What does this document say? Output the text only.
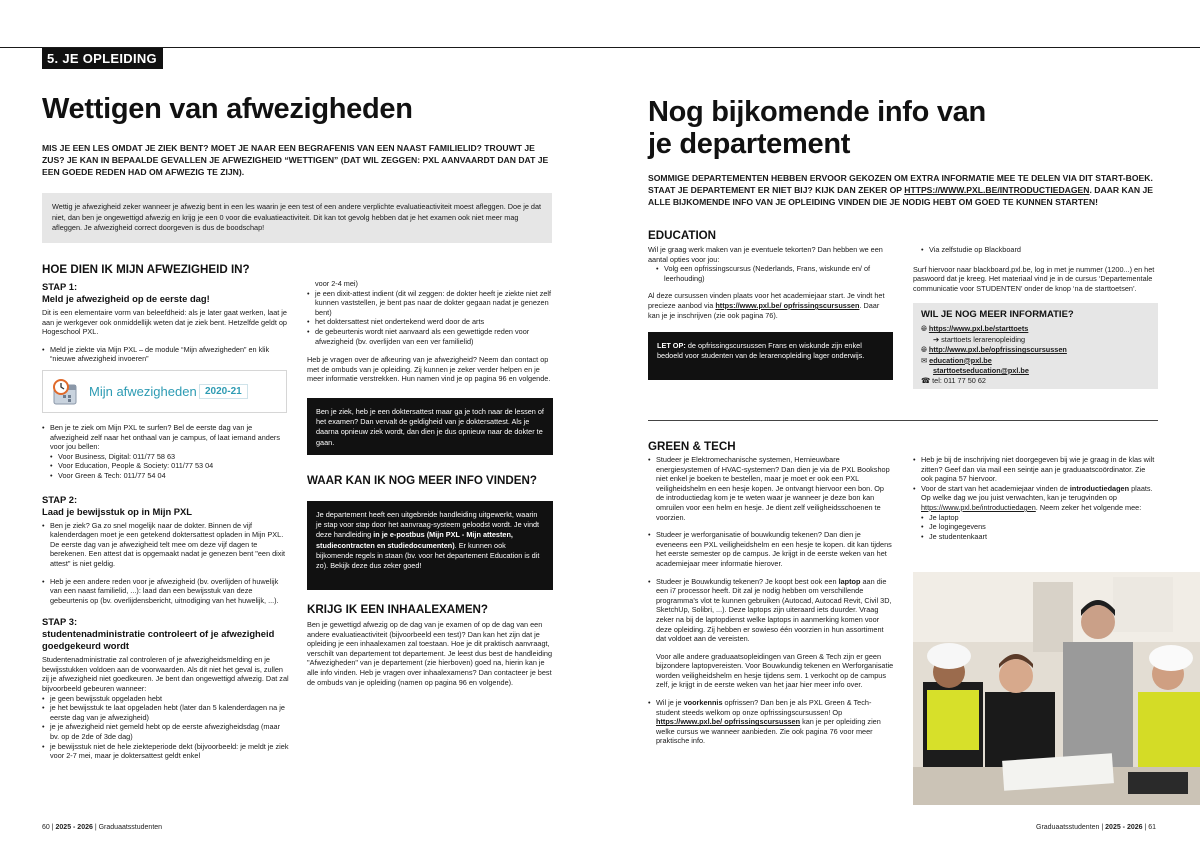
5. JE OPLEIDING
Wettigen van afwezigheden
MIS JE EEN LES OMDAT JE ZIEK BENT? MOET JE NAAR EEN BEGRAFENIS VAN EEN NAAST FAMILIELID? TROUWT JE ZUS? JE KAN IN BEPAALDE GEVALLEN JE AFWEZIGHEID “WETTIGEN” (DAT WIL ZEGGEN: PXL AANVAARDT DAN DAT JE EEN GOEDE REDEN HAD OM AFWEZIG TE ZIJN).
Wettig je afwezigheid zeker wanneer je afwezig bent in een les waarin je een test of een andere verplichte evaluatieactiviteit moest afleggen. Doe je dat niet, dan ben je ongewettigd afwezig en krijg je een 0 voor die evaluatieactiviteit. Dit kan tot gevolg hebben dat je het examen ook niet meer mag afleggen. Je afwezigheid correct doorgeven is dus de boodschap!
HOE DIEN IK MIJN AFWEZIGHEID IN?
STAP 1:
Meld je afwezigheid op de eerste dag!
Dit is een elementaire vorm van beleefdheid: als je later gaat werken, laat je aan je werkgever ook onmiddellijk weten dat je ziek bent. Hetzelfde geldt op Hogeschool PXL.
• Meld je ziekte via Mijn PXL – de module “Mijn afwezigheden” en klik “nieuwe afwezigheid invoeren”
Mijn afwezigheden 2020-21
• Ben je te ziek om Mijn PXL te surfen? Bel de eerste dag van je afwezigheid zelf naar het onthaal van je campus, of laat iemand anders voor jou bellen:
• Voor Business, Digital: 011/77 58 63
• Voor Education, People & Society: 011/77 53 04
• Voor Green & Tech: 011/77 54 04
STAP 2:
Laad je bewijsstuk op in Mijn PXL
• Ben je ziek? Ga zo snel mogelijk naar de dokter. Binnen de vijf kalenderdagen moet je een getekend doktersattest opladen in Mijn PXL. De eerste dag van je afwezigheid telt mee om deze vijf dagen te berekenen. Een attest dat is opgemaakt nadat je genezen bent "een dixit attest" is niet geldig.
• Heb je een andere reden voor je afwezigheid (bv. overlijden of huwelijk van een naast familielid, ...): laad dan een bewijsstuk van deze gebeurtenis op (bv. overlijdensbericht, uitnodiging van het huwelijk, ...).
STAP 3:
studentenadministratie controleert of je afwezigheid goedgekeurd wordt
Studentenadministratie zal controleren of je afwezigheidsmelding en je bewijsstukken voldoen aan de voorwaarden. Als dit niet het geval is, zullen zij je afwezigheid niet goedkeuren. Je bent dan ongewettigd afwezig. Dat zal bijvoorbeeld gebeuren wanneer:
• je geen bewijsstuk opgeladen hebt
• je het bewijsstuk te laat opgeladen hebt (later dan 5 kalenderdagen na je eerste dag van je afwezigheid)
• je je afwezigheid niet gemeld hebt op de eerste afwezigheidsdag (maar bv. op de 2de of 3de dag)
• je bewijsstuk niet de hele ziekteperiode dekt (bijvoorbeeld: je meldt je ziek voor 2-7 mei, maar je doktersattest geldt enkel
voor 2-4 mei)
• je een dixit-attest indient (dit wil zeggen: de dokter heeft je ziekte niet zelf kunnen vaststellen, je bent pas naar de dokter gegaan nadat je genezen bent)
• het doktersattest niet ondertekend werd door de arts
• de gebeurtenis wordt niet aanvaard als een gewettigde reden voor afwezigheid (bv. overlijden van een ver familielid)
Heb je vragen over de afkeuring van je afwezigheid? Neem dan contact op met de ombuds van je opleiding. Zij kunnen je zeker verder helpen en je meer informatie verstrekken. Hun namen vind je op pagina 96 en volgende.
Ben je ziek, heb je een doktersattest maar ga je toch naar de lessen of het examen? Dan vervalt de geldigheid van je doktersattest. Als je daarna opnieuw ziek wordt, dan dien je dus opnieuw naar de dokter te gaan.
WAAR KAN IK NOG MEER INFO VINDEN?
Je departement heeft een uitgebreide handleiding uitgewerkt, waarin je stap voor stap door het aanvraag-systeem geloodst wordt. Je vindt deze handleiding in je e-postbus (Mijn PXL - Mijn attesten, studiecontracten en studiedocumenten). Er kunnen ook bijkomende regels in staan (bv. voor het departement Education is dit zo). Bekijk deze dus zeker goed!
KRIJG IK EEN INHAALEXAMEN?
Ben je gewettigd afwezig op de dag van je examen of op de dag van een andere evaluatieactiviteit (bijvoorbeeld een test)? Dan kan het zijn dat je opleiding je een inhaalexamen zal toestaan. Hoe je dit praktisch aanvraagt, verschilt van departement tot departement. Je leest dus best de handleiding "Afwezigheden" van je departement (zie hierboven) goed na, hierin kan je alle info vinden. Heb je vragen over inhaalexamens? Dan contacteer je best de ombuds van je opleiding (namen op pagina 96 en volgende).
60 | 2025 - 2026 | Graduaatsstudenten
Nog bijkomende info van
je departement
SOMMIGE DEPARTEMENTEN HEBBEN ERVOOR GEKOZEN OM EXTRA INFORMATIE MEE TE DELEN VIA DIT START-BOEK. STAAT JE DEPARTEMENT ER NIET BIJ? KIJK DAN ZEKER OP HTTPS://WWW.PXL.BE/INTRODUCTIEDAGEN. DAAR KAN JE ALLE BIJKOMENDE INFO VAN JE OPLEIDING VINDEN DIE JE NODIG HEBT OM GOED TE KUNNEN STARTEN!
EDUCATION
Wil je graag werk maken van je eventuele tekorten? Dan hebben we een aantal opties voor jou:
• Volg een opfrissingscursus (Nederlands, Frans, wiskunde en/ of leerhouding)
Al deze cursussen vinden plaats voor het academiejaar start. Je vindt het precieze aanbod via https://www.pxl.be/ opfrissingscursussen. Daar kan je je inschrijven (zie ook pagina 76).
LET OP: de opfrissingscursussen Frans en wiskunde zijn enkel bedoeld voor studenten van de lerarenopleiding lager onderwijs.
• Via zelfstudie op Blackboard
Surf hiervoor naar blackboard.pxl.be, log in met je nummer (1200...) en het paswoord dat je kreeg. Het materiaal vind je in de cursus ‘Departementale communicatie voor STUDENTEN’ onder de knop ‘na de starttoetsen’.
WIL JE NOG MEER INFORMATIE?
🌐︎ https://www.pxl.be/starttoets
➔ starttoets lerarenopleiding
🌐︎ http://www.pxl.be/opfrissingscursussen
✉ education@pxl.be
starttoetseducation@pxl.be
☎ tel: 011 77 50 62
GREEN & TECH
• Studeer je Elektromechanische systemen, Hernieuwbare energiesystemen of HVAC-systemen? Dan dien je via de PXL Bookshop niet enkel je boeken te bestellen, maar je moet er ook een PXL veiligheidshelm en een hesje kopen. Je ontvangt hiervoor een bon. Op de introductiedag kom je te weten waar je wanneer je deze bon kan omruilen voor een helm en hesje. Je dient zelf veiligheidsschoenen te voorzien.
• Studeer je werforganisatie of bouwkundig tekenen? Dan dien je eveneens een PXL veiligheidshelm en een hesje te kopen. dit kan tijdens het eerste semester op de campus. Je krijgt in de eerste weken van het academiejaar meer informatie hierover.
• Studeer je Bouwkundig tekenen? Je koopt best ook een laptop aan die een i7 processor heeft. Dit zal je nodig hebben om verschillende programma’s vlot te kunnen gebruiken (Autocad, Autocad Revit, Civil 3D, SketchUp, Solibri, ...). Deze laptops zijn uiteraard iets duurder. Vraag zeker na bij de laptopdienst welke laptops in aanmerking komen voor deze opleiding. Zij hebben er sowieso één voorzien in hun assortiment dat voldoet aan de vereisten.
Voor alle andere graduaatsopleidingen van Green & Tech zijn er geen bijzondere laptopvereisten. Voor Bouwkundig tekenen en Werforganisatie worden veiligheidshelm en hesje tijdens sem. 1 verkocht op de campus zelf, je krijgt in de eerste weken van het jaar hier meer info over.
• Wil je je voorkennis opfrissen? Dan ben je als PXL Green & Tech-student steeds welkom op onze opfrissingscursussen! Op https://www.pxl.be/ opfrissingscursussen kan je per opleiding zien welke cursus we wanneer aanbieden. Zie ook pagina 76 voor meer praktische info.
• Heb je bij de inschrijving niet doorgegeven bij wie je graag in de klas wilt zitten? Geef dan via mail een seintje aan je graduaatscoördinator. Zie ook pagina 57 hiervoor.
• Voor de start van het academiejaar vinden de introductiedagen plaats. Op welke dag we jou juist verwachten, kan je terugvinden op https://www.pxl.be/introductiedagen. Neem zeker het volgende mee:
• Je laptop
• Je logingegevens
• Je studentenkaart
Graduaatsstudenten | 2025 - 2026 | 61
